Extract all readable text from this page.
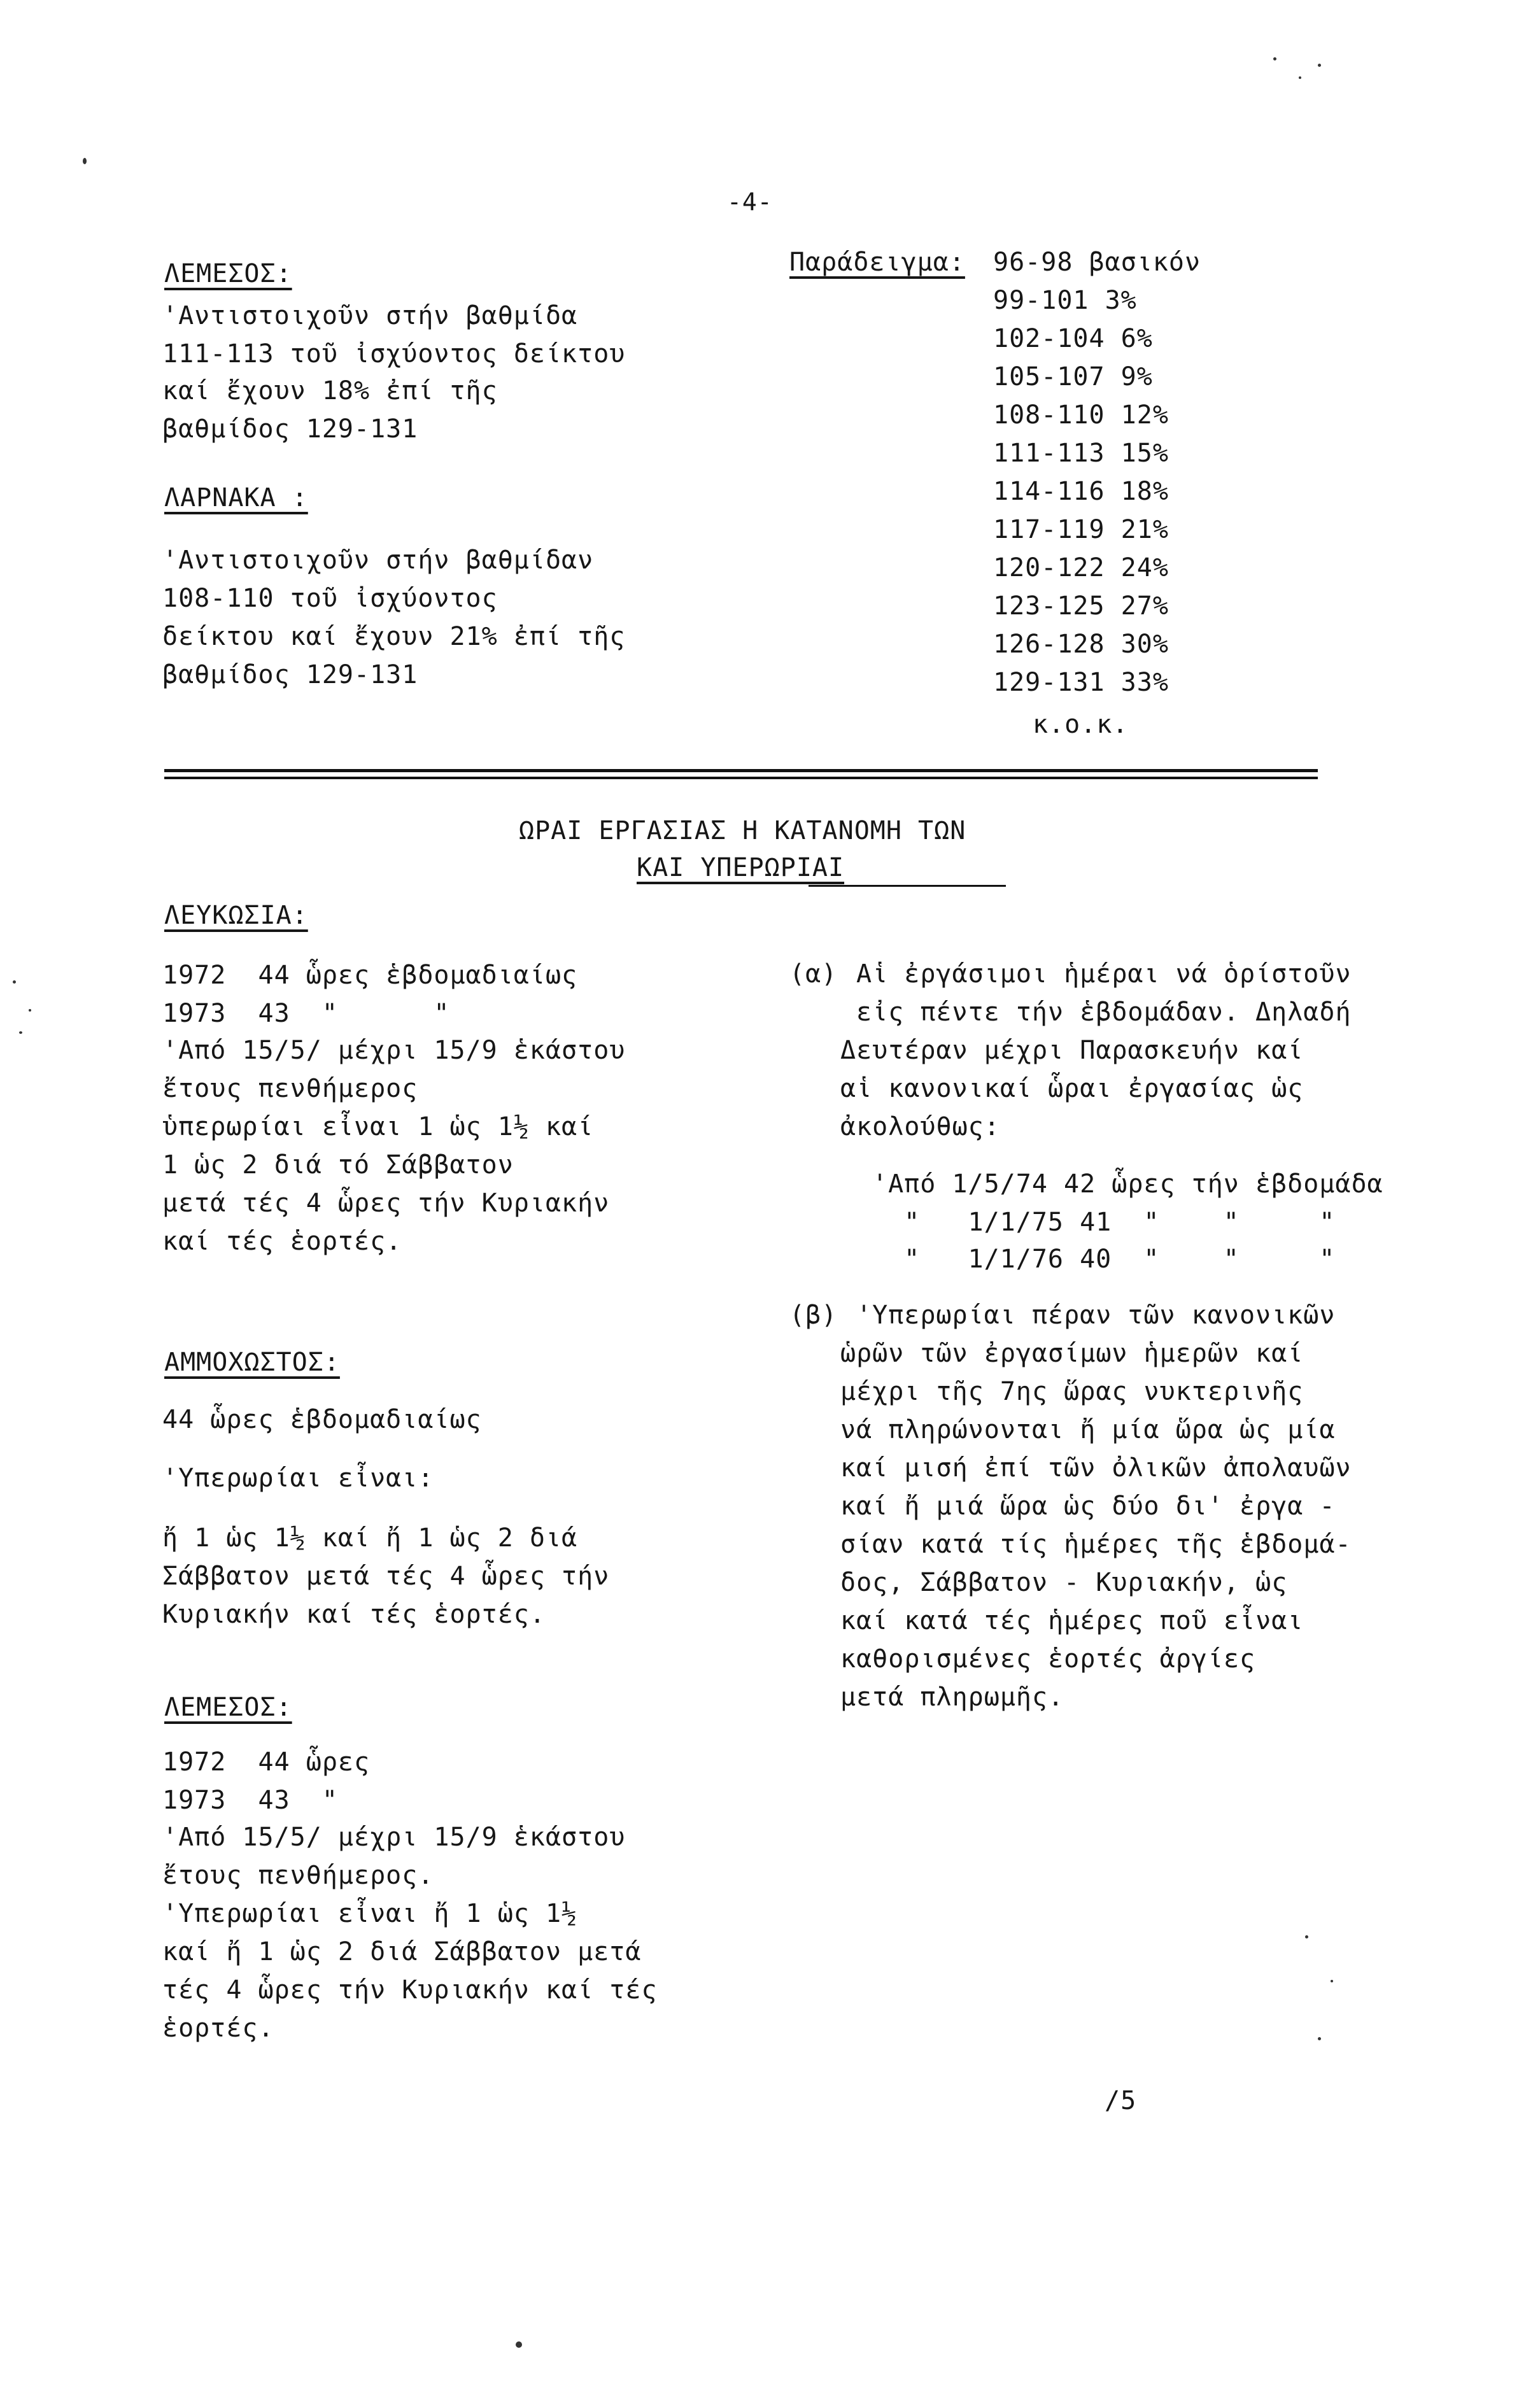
-4-
ΛΕΜΕΣΟΣ:
'Αντιστοιχοῦν στήν βαθμίδα
111-113 τοῦ ἰσχύοντος δείκτου
καί ἔχουν 18% ἐπί τῆς
βαθμίδος 129-131
ΛΑΡΝΑΚΑ :
'Αντιστοιχοῦν στήν βαθμίδαν
108-110 τοῦ ἰσχύοντος
δείκτου καί ἔχουν 21% ἐπί τῆς
βαθμίδος 129-131
Παράδειγμα: 96-98 βασικόν
99-101 3%
102-104 6%
105-107 9%
108-110 12%
111-113 15%
114-116 18%
117-119 21%
120-122 24%
123-125 27%
126-128 30%
129-131 33%
κ.ο.κ.
ΩΡΑΙ ΕΡΓΑΣΙΑΣ Η ΚΑΤΑΝΟΜΗ ΤΩΝ
ΚΑΙ ΥΠΕΡΩΡΙΑΙ
ΛΕΥΚΩΣΙΑ:
1972  44 ὧρες ἑβδομαδιαίως
1973  43  "      "
'Από 15/5/ μέχρι 15/9 ἑκάστου
ἔτους πενθήμερος
ὑπερωρίαι εἶναι 1 ὡς 1½ καί
1 ὡς 2 διά τό Σάββατον
μετά τές 4 ὧρες τήν Κυριακήν
καί τές ἑορτές.
ΑΜΜΟΧΩΣΤΟΣ:
44 ὧρες ἑβδομαδιαίως
'Υπερωρίαι εἶναι:
ἤ 1 ὡς 1½ καί ἤ 1 ὡς 2 διά
Σάββατον μετά τές 4 ὧρες τήν
Κυριακήν καί τές ἑορτές.
ΛΕΜΕΣΟΣ:
1972  44 ὧρες
1973  43  "
'Από 15/5/ μέχρι 15/9 ἑκάστου
ἔτους πενθήμερος.
'Υπερωρίαι εἶναι ἤ 1 ὡς 1½
καί ἤ 1 ὡς 2 διά Σάββατον μετά
τές 4 ὧρες τήν Κυριακήν καί τές
ἑορτές.
(α) Αἱ ἐργάσιμοι ἡμέραι νά ὁρίστοῦν
εἰς πέντε τήν ἑβδομάδαν. Δηλαδή
Δευτέραν μέχρι Παρασκευήν καί
αἱ κανονικαί ὧραι ἐργασίας ὡς
ἀκολούθως:
'Από 1/5/74 42 ὧρες τήν ἑβδομάδα
"   1/1/75 41  "    "     "
"   1/1/76 40  "    "     "
(β) 'Υπερωρίαι πέραν τῶν κανονικῶν
ὡρῶν τῶν ἐργασίμων ἡμερῶν καί
μέχρι τῆς 7ης ὥρας νυκτερινῆς
νά πληρώνονται ἤ μία ὥρα ὡς μία
καί μισή ἐπί τῶν ὀλικῶν ἀπολαυῶν
καί ἤ μιά ὥρα ὡς δύο δι' ἐργα -
σίαν κατά τίς ἡμέρες τῆς ἑβδομά-
δος, Σάββατον - Κυριακήν, ὡς
καί κατά τές ἡμέρες ποῦ εἶναι
καθορισμένες ἑορτές ἀργίες
μετά πληρωμῆς.
/5
